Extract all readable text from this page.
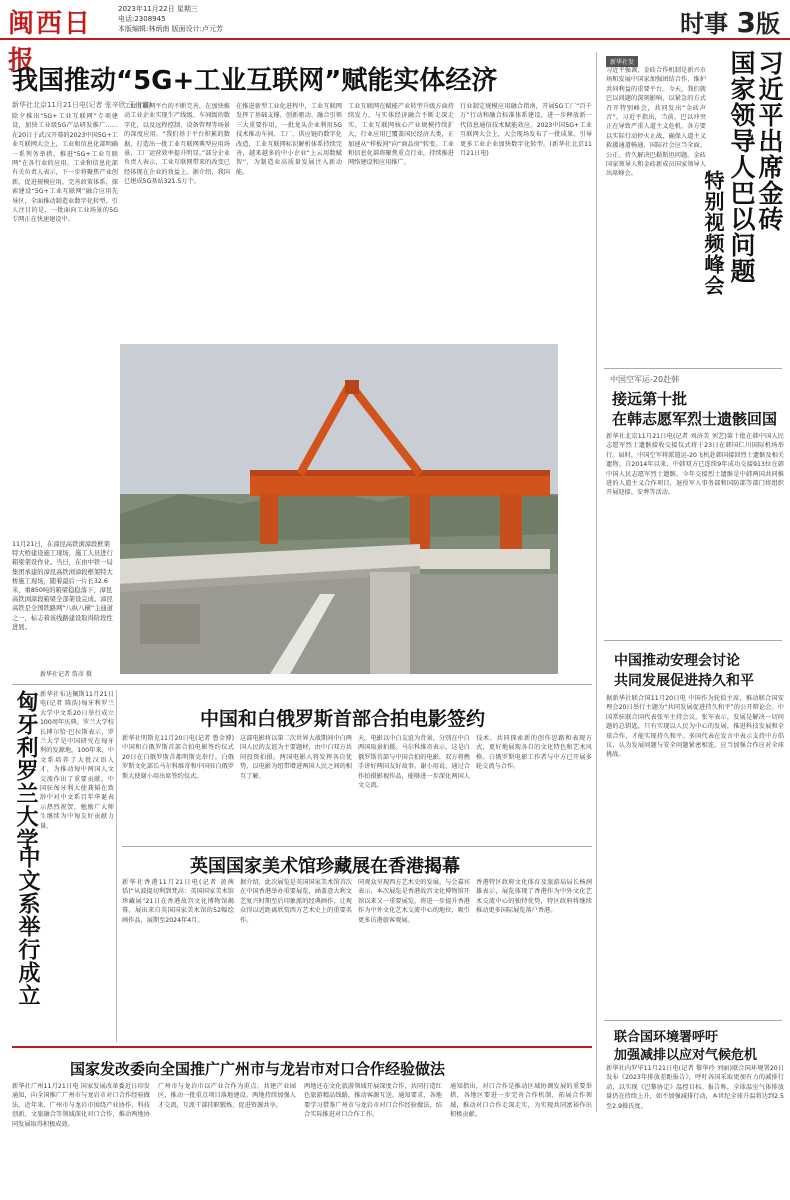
闽西日报
2023年11月22日 星期三
电话:2308945
本版编辑:林炳南 版面设计:卢元芳	时事 3版
我国推动“5G+工业互联网”赋能实体经济
新华社北京11月21日电(记者 张辛欣 王自富)
除夕推出“5G+工业互联网”专项建设，加快工业级5G产品研发推广……在20日于武汉开幕的2023中国5G+工业互联网大会上，工业和信息化部明确一系列务举措，推进“5G+工业互联网”在各行业的应用。工业和信息化部有关负责人表示，下一步将聚焦产业创新，促进规模应用，完善政策体系，探索建设“5G+工业互联网”融合应用先导区，全面推动制造业数字化转型。引人注目的是，一批面向工业场景的5G专网正在快速建设中。
工业互联网平台的不断完善，在加快推动工业企业实现生产线级、车间级的数字化，以及远程控制、设备管理等场景的深度应用。“我们基于平台积累的数据，打造出一批工业互联网典型应用场景，工厂运营效率提升明显。”部分企业负责人表示，工业互联网带来的改变已经体现在企业的效益上。据介绍，我国已建成5G基站321.5万个。
在推进新型工业化进程中，工业互联网发挥了基础支撑、创新驱动、融合引领三大重要作用。一批龙头企业利用5G技术推动车间、工厂、供应链的数字化改造，工业互联网标识解析体系持续完善，越来越多的中小企业“上云用数赋智”，为制造业高质量发展注入新动能。
工业互联网在赋能产业转型升级方面持续发力，与实体经济融合不断走深走实。工业互联网核心产业规模持续扩大，行业应用已覆盖国民经济大类，正加速从“样板间”向“商品房”转变。工业和信息化部将聚焦重点行业，持续推进网络建设和应用推广。
行业制定规模应用融合指南，开展5G工厂“百千万”行动和融合标准体系建设，进一步释放新一代信息通信技术赋能效应。2023中国5G+工业互联网大会上，大会现场发布了一批成果，引导更多工业企业加快数字化转型。(新华社北京11月21日电)
11月21日，在漳昆高铁浏漳段框架特大桥建设施工现场，施工人员进行箱梁架设作业。当日，在由中铁一局集团承建的漳昆高铁浏漳段框架特大桥施工现场，随着最后一片长32.6米、重850吨的箱梁稳稳落下，漳昆高铁浏漳段箱梁全部架设完成。漳昆高铁是全国铁路网“八纵八横”主通道之一，标志着该线路建设取得阶段性进展。
新华社记者 詹彦 摄
新华社发
习近平强调，金砖合作机制是新兴市场和发展中国家加强团结合作、维护共同利益的重要平台。今天，我们就巴以问题的深刻影响，以紧急的方式召开特别峰会，共同发出“金砖声音”。习近平指出，当前，巴以冲突正在导致严重人道主义危机，各方要以实际行动停火止战，确保人道主义救援通道畅通，国际社会应当全面、公正、持久解决巴勒斯坦问题。金砖国家领导人和金砖新成员国家领导人出席峰会。	习近平出席金砖
国家领导人巴以问题
特别视频峰会
中国空军运-20赴韩
接远第十批
在韩志愿军烈士遗骸回国
新华社北京11月21日电(记者 刘济美 刘艺)第十批在韩中国人民志愿军烈士遗骸接收交接仪式将于23日在韩国仁川国际机场举行。届时，中国空军将派遣运-20飞机赴韩国接回烈士遗骸及相关遗物。自2014年以来，中韩双方已连续9年成功交接913位在韩中国人民志愿军烈士遗骸。今年交接烈士遗骸是中韩两国共同推进的人道主义合作项目，退役军人事务部和国防部等部门将组织开展迎接、安葬等活动。
中国推动安理会讨论
共同发展促进持久和平
据新华社联合国11月20日电 中国作为轮值主席，推动联合国安理会20日举行主题为“共同发展促进持久和平”的公开辩论会。中国常驻联合国代表张军主持会议。张军表示，发展是解决一切问题的总钥匙，只有实现以人民为中心的发展，推进科技发展和全球合作，才能实现持久和平。多国代表在发言中表示支持中方倡议，认为发展问题与安全问题紧密相连，应当加强合作应对全球挑战。
联合国环境署呼吁
加强减排以应对气候危机
新华社内罗毕11月21日电(记者 黎华玲 刘丽)联合国环境署20日发布《2023年排放差距报告》，呼吁各国采取更加有力的减排行动，以实现《巴黎协定》温控目标。报告称，全球温室气体排放量仍在持续上升，如不加强减排行动，本世纪全球升温将达到2.5至2.9摄氏度。
中国和白俄罗斯首部合拍电影签约
新华社明斯克11月20日电(记者 鲁金博)中国和白俄罗斯首部合拍电影签约仪式20日在白俄罗斯首都明斯克举行。白俄罗斯文化部长马尔科维奇和中国驻白俄罗斯大使谢小用出席签约仪式。
这部电影将以第二次世界大战期间中白两国人民的友谊为主要题材，由中白双方共同投资拍摄。两国电影人将发挥各自优势，以电影为纽带增进两国人民之间的相互了解。
天。电影以中白友谊为背景，分别在中白两国取景拍摄。马尔科维奇表示，这是白俄罗斯首部与中国合拍的电影，双方将携手讲好两国友好故事。谢小用说，通过合作拍摄影视作品，能够进一步深化两国人文交流。
技术、共同探索新的创作思路和表现方式，更好地展现各自的文化特色和艺术风格。白俄罗斯电影工作者与中方已开展多轮交流与合作。
匈牙利罗兰大学 新华社布达佩斯11月21日电(记者 陈浩)匈牙利罗兰大学中文系20日举行成立100周年庆典。罗兰大学校长博尔恰·巴拉斯表示，罗兰大学是中国研究在匈牙利的发源地。100年来，中文系培养了大批汉语人才，为推动匈中两国人文交流作出了重要贡献。中国驻匈牙利大使龚韬在致辞中对中文系百年华诞表示热烈祝贺，勉励广大师生继续为中匈友好贡献力量。
中文系举行成立	英国国家美术馆珍藏展在香港揭幕
新华社香港11月21日电(记者 黄茜恬)“从波提切利到梵高：英国国家美术馆珍藏展”21日在香港故宫文化博物馆揭幕。展出来自英国国家美术馆的52幅绘画作品，展期至2024年4月。
据介绍，此次展览是英国国家美术馆首次在中国香港举办重要展览，涵盖意大利文艺复兴时期至后印象派的经典画作，让观众得以近距离欣赏西方艺术史上的重要名作。
同观众呈现西方艺术史的发展。与会嘉宾表示，本次展览是香港故宫文化博物馆开馆以来又一重要展览，将进一步提升香港作为中外文化艺术交流中心的地位，吸引更多访港旅客观展。
香港特区政府文化体育及旅游局局长杨润雄表示，展览体现了香港作为中外文化艺术交流中心的独特优势，特区政府将继续推动更多国际展览落户香港。
国家发改委向全国推广广州市与龙岩市对口合作经验做法
新华社广州11月21日电 国家发展改革委近日印发通知，向全国推广广州市与龙岩市对口合作经验做法。近年来，广州市与龙岩市围绕产业协作、科技创新、文旅融合等领域深化对口合作，推动两地协同发展取得积极成效。
广州市与龙岩市以产业合作为重点，共建产业园区，推动一批重点项目落地建设。两地持续加强人才交流，互派干部挂职锻炼，促进资源共享。
两地还在文化旅游领域开展深度合作，共同打造红色旅游精品线路，推动客源互送。通知要求，各地要学习借鉴广州市与龙岩市对口合作经验做法，结合实际推进对口合作工作。
通知指出，对口合作是推动区域协调发展的重要举措，各地区要进一步完善合作机制，拓展合作领域，推动对口合作走深走实，为实现共同富裕作出积极贡献。
